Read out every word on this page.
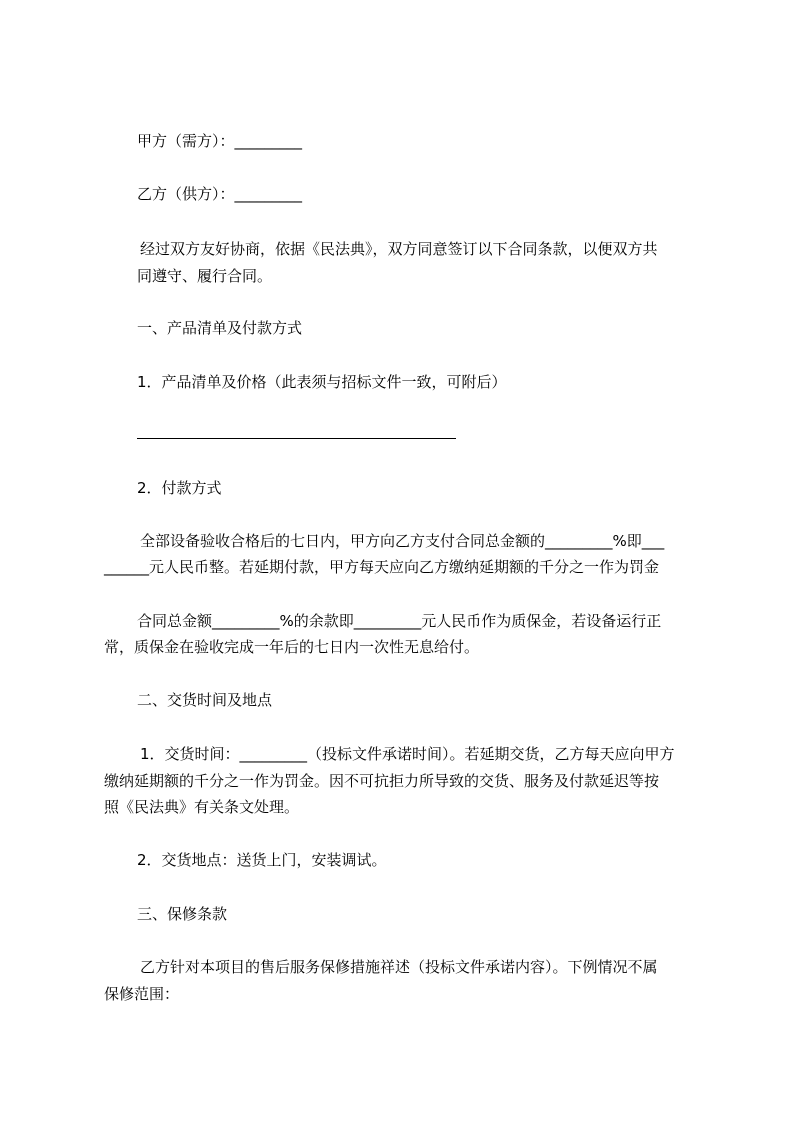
甲方（需方）：_________
乙方（供方）：_________
经过双方友好协商，依据《民法典》，双方同意签订以下合同条款，以便双方共
同遵守、履行合同。
一、产品清单及付款方式
1．产品清单及价格（此表须与招标文件一致，可附后）
2．付款方式
全部设备验收合格后的七日内，甲方向乙方支付合同总金额的_________%即___
______元人民币整。若延期付款，甲方每天应向乙方缴纳延期额的千分之一作为罚金
合同总金额_________%的余款即_________元人民币作为质保金，若设备运行正
常，质保金在验收完成一年后的七日内一次性无息给付。
二、交货时间及地点
1．交货时间：_________（投标文件承诺时间）。若延期交货，乙方每天应向甲方
缴纳延期额的千分之一作为罚金。因不可抗拒力所导致的交货、服务及付款延迟等按
照《民法典》有关条文处理。
2．交货地点：送货上门，安装调试。
三、保修条款
乙方针对本项目的售后服务保修措施祥述（投标文件承诺内容）。下例情况不属
保修范围：
